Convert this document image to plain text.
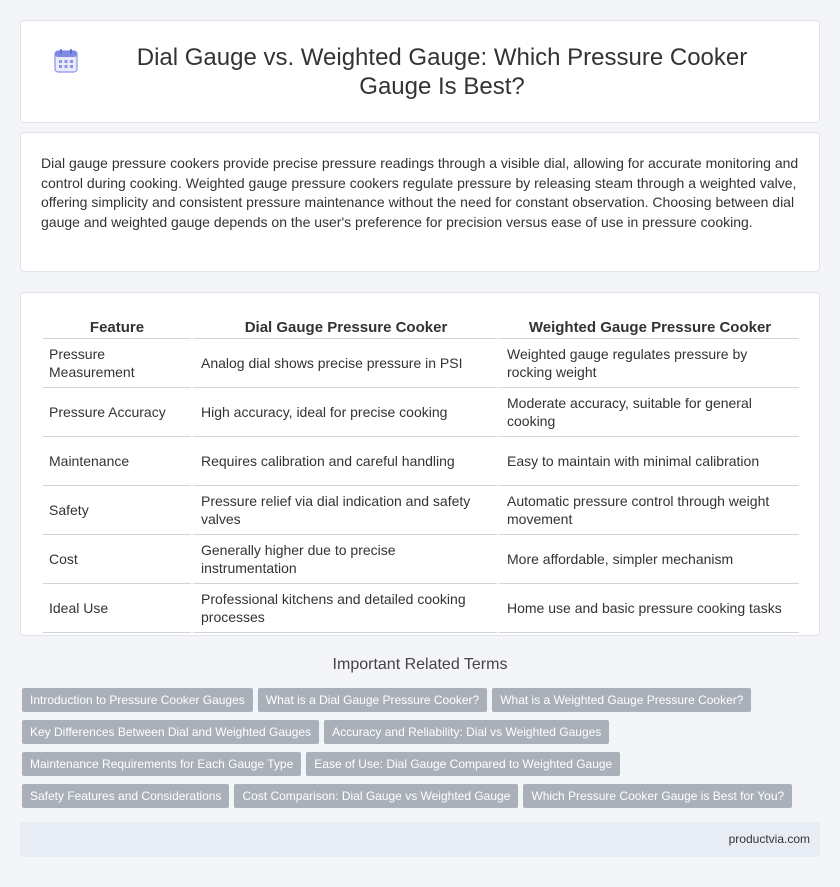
Dial Gauge vs. Weighted Gauge: Which Pressure Cooker Gauge Is Best?

Dial gauge pressure cookers provide precise pressure readings through a visible dial, allowing for accurate monitoring and control during cooking. Weighted gauge pressure cookers regulate pressure by releasing steam through a weighted valve, offering simplicity and consistent pressure maintenance without the need for constant observation. Choosing between dial gauge and weighted gauge depends on the user's preference for precision versus ease of use in pressure cooking.

Feature	Dial Gauge Pressure Cooker	Weighted Gauge Pressure Cooker
Pressure Measurement	Analog dial shows precise pressure in PSI	Weighted gauge regulates pressure by rocking weight
Pressure Accuracy	High accuracy, ideal for precise cooking	Moderate accuracy, suitable for general cooking
Maintenance	Requires calibration and careful handling	Easy to maintain with minimal calibration
Safety	Pressure relief via dial indication and safety valves	Automatic pressure control through weight movement
Cost	Generally higher due to precise instrumentation	More affordable, simpler mechanism
Ideal Use	Professional kitchens and detailed cooking processes	Home use and basic pressure cooking tasks
Important Related Terms
Introduction to Pressure Cooker Gauges What is a Dial Gauge Pressure Cooker? What is a Weighted Gauge Pressure Cooker?
Key Differences Between Dial and Weighted Gauges Accuracy and Reliability: Dial vs Weighted Gauges
Maintenance Requirements for Each Gauge Type Ease of Use: Dial Gauge Compared to Weighted Gauge
Safety Features and Considerations Cost Comparison: Dial Gauge vs Weighted Gauge Which Pressure Cooker Gauge is Best for You?
productvia.com
